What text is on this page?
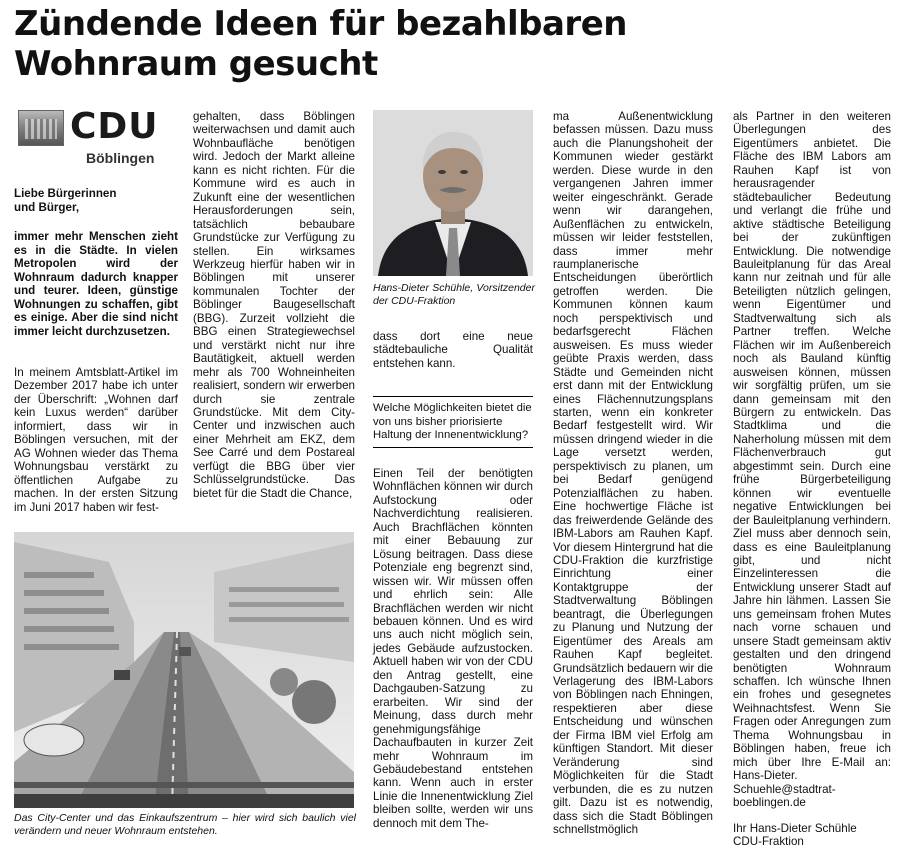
Zündende Ideen für bezahlbaren Wohnraum gesucht
CDU
Böblingen
Liebe Bürgerinnen und Bürger,
immer mehr Menschen zieht es in die Städte. In vielen Metropolen wird der Wohnraum dadurch knapper und teurer. Ideen, günstige Wohnungen zu schaffen, gibt es einige. Aber die sind nicht immer leicht durchzusetzen.

In meinem Amtsblatt-Artikel im Dezember 2017 habe ich unter der Überschrift: „Wohnen darf kein Luxus werden“ darüber informiert, dass wir in Böblingen versuchen, mit der AG Wohnen wieder das Thema Wohnungsbau verstärkt zu öffentlichen Aufgabe zu machen. In der ersten Sitzung im Juni 2017 haben wir fest-

gehalten, dass Böblingen weiterwachsen und damit auch Wohnbaufläche benötigen wird. Jedoch der Markt alleine kann es nicht richten. Für die Kommune wird es auch in Zukunft eine der wesentlichen Herausforderungen sein, tatsächlich bebaubare Grundstücke zur Verfügung zu stellen. Ein wirksames Werkzeug hierfür haben wir in Böblingen mit unserer kommunalen Tochter der Böblinger Baugesellschaft (BBG). Zurzeit vollzieht die BBG einen Strategiewechsel und verstärkt nicht nur ihre Bautätigkeit, aktuell werden mehr als 700 Wohneinheiten realisiert, sondern wir erwerben durch sie zentrale Grundstücke. Mit dem City-Center und inzwischen auch einer Mehrheit am EKZ, dem See Carré und dem Postareal verfügt die BBG über vier Schlüsselgrundstücke. Das bietet für die Stadt die Chance,

Hans-Dieter Schühle, Vorsitzender der CDU-Fraktion

dass dort eine neue städtebauliche Qualität entstehen kann.

Welche Möglichkeiten bietet die von uns bisher priorisierte Haltung der Innenentwicklung?

Einen Teil der benötigten Wohnflächen können wir durch Aufstockung oder Nachverdichtung realisieren. Auch Brachflächen könnten mit einer Bebauung zur Lösung beitragen. Dass diese Potenziale eng begrenzt sind, wissen wir. Wir müssen offen und ehrlich sein: Alle Brachflächen werden wir nicht bebauen können. Und es wird uns auch nicht möglich sein, jedes Gebäude aufzustocken. Aktuell haben wir von der CDU den Antrag gestellt, eine Dachgauben-Satzung zu erarbeiten. Wir sind der Meinung, dass durch mehr genehmigungsfähige Dachaufbauten in kurzer Zeit mehr Wohnraum im Gebäudebestand entstehen kann. Wenn auch in erster Linie die Innenentwicklung Ziel bleiben sollte, werden wir uns dennoch mit dem The-

ma Außenentwicklung befassen müssen. Dazu muss auch die Planungshoheit der Kommunen wieder gestärkt werden. Diese wurde in den vergangenen Jahren immer weiter eingeschränkt. Gerade wenn wir darangehen, Außenflächen zu entwickeln, müssen wir leider feststellen, dass immer mehr raumplanerische Entscheidungen überörtlich getroffen werden. Die Kommunen können kaum noch perspektivisch und bedarfsgerecht Flächen ausweisen. Es muss wieder geübte Praxis werden, dass Städte und Gemeinden nicht erst dann mit der Entwicklung eines Flächennutzungsplans starten, wenn ein konkreter Bedarf festgestellt wird. Wir müssen dringend wieder in die Lage versetzt werden, perspektivisch zu planen, um bei Bedarf genügend Potenzialflächen zu haben. Eine hochwertige Fläche ist das freiwerdende Gelände des IBM-Labors am Rauhen Kapf. Vor diesem Hintergrund hat die CDU-Fraktion die kurzfristige Einrichtung einer Kontaktgruppe der Stadtverwaltung Böblingen beantragt, die Überlegungen zu Planung und Nutzung der Eigentümer des Areals am Rauhen Kapf begleitet. Grundsätzlich bedauern wir die Verlagerung des IBM-Labors von Böblingen nach Ehningen, respektieren aber diese Entscheidung und wünschen der Firma IBM viel Erfolg am künftigen Standort. Mit dieser Veränderung sind Möglichkeiten für die Stadt verbunden, die es zu nutzen gilt. Dazu ist es notwendig, dass sich die Stadt Böblingen schnellstmöglich

als Partner in den weiteren Überlegungen des Eigentümers anbietet. Die Fläche des IBM Labors am Rauhen Kapf ist von herausragender städtebaulicher Bedeutung und verlangt die frühe und aktive städtische Beteiligung bei der zukünftigen Entwicklung. Die notwendige Bauleitplanung für das Areal kann nur zeitnah und für alle Beteiligten nützlich gelingen, wenn Eigentümer und Stadtverwaltung sich als Partner treffen. Welche Flächen wir im Außenbereich noch als Bauland künftig ausweisen können, müssen wir sorgfältig prüfen, um sie dann gemeinsam mit den Bürgern zu entwickeln. Das Stadtklima und die Naherholung müssen mit dem Flächenverbrauch gut abgestimmt sein. Durch eine frühe Bürgerbeteiligung können wir eventuelle negative Entwicklungen bei der Bauleitplanung verhindern. Ziel muss aber dennoch sein, dass es eine Bauleitplanung gibt, und nicht Einzelinteressen die Entwicklung unserer Stadt auf Jahre hin lähmen. Lassen Sie uns gemeinsam frohen Mutes nach vorne schauen und unsere Stadt gemeinsam aktiv gestalten und den dringend benötigten Wohnraum schaffen. Ich wünsche Ihnen ein frohes und gesegnetes Weihnachtsfest. Wenn Sie Fragen oder Anregungen zum Thema Wohnungsbau in Böblingen haben, freue ich mich über Ihre E-Mail an: Hans-Dieter. Schuehle@stadtrat-boeblingen.de

Ihr Hans-Dieter Schühle

CDU-Fraktion

Das City-Center und das Einkaufszentrum – hier wird sich baulich viel verändern und neuer Wohnraum entstehen.
